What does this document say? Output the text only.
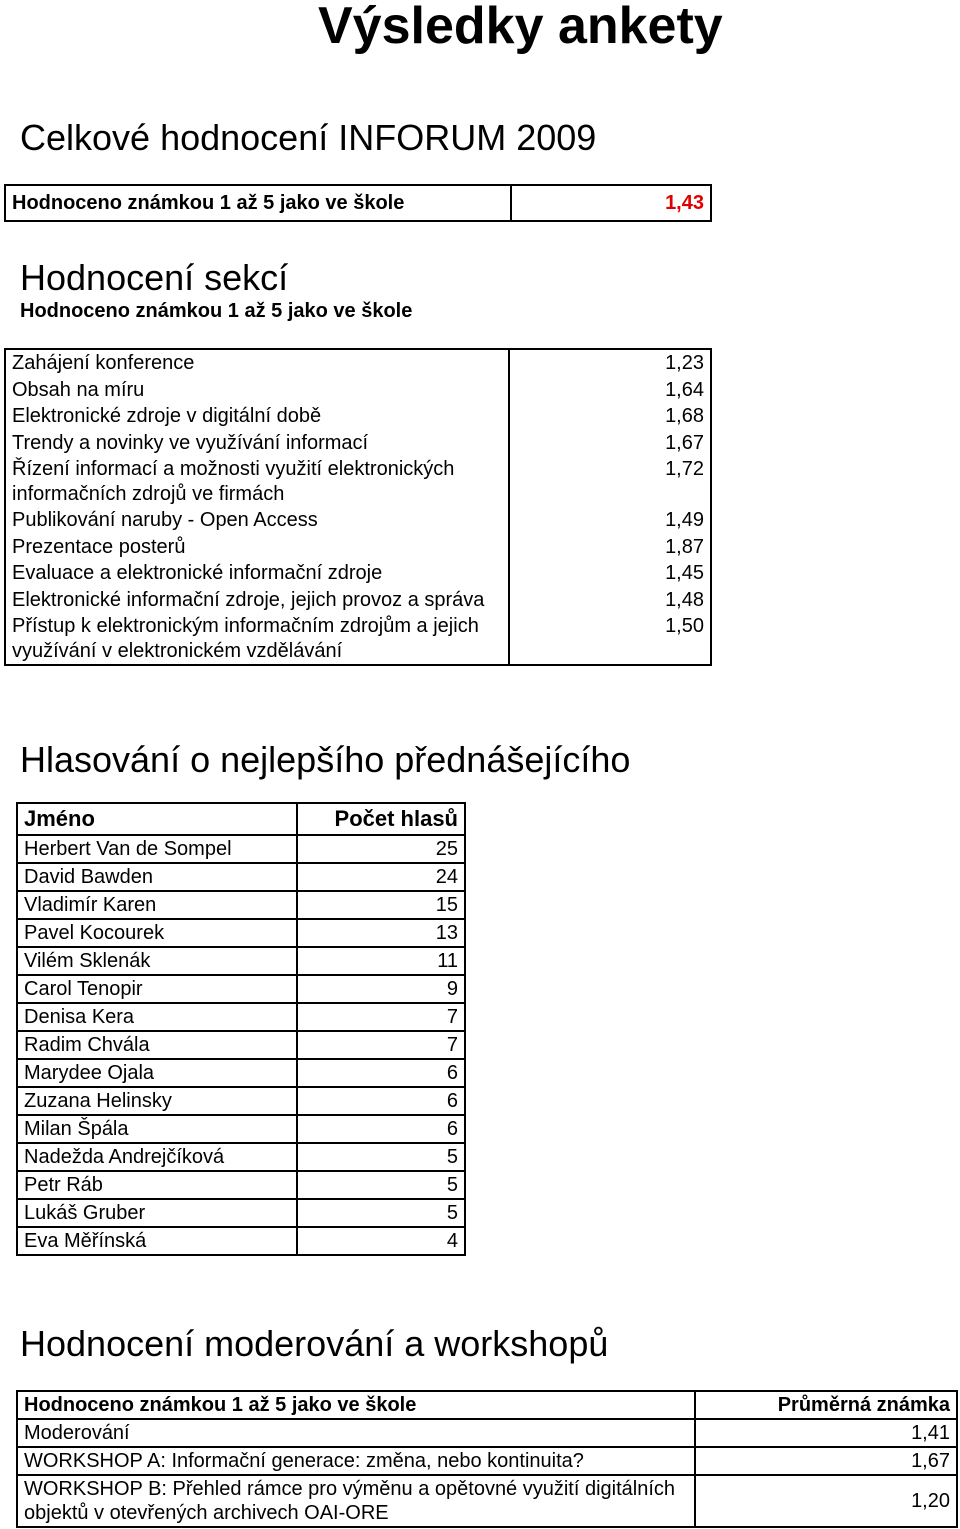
Výsledky ankety
Celkové hodnocení INFORUM 2009
Hodnoceno známkou 1 až 5 jako ve škole	1,43
Hodnocení sekcí
Hodnoceno známkou 1 až 5 jako ve škole
Zahájení konference	1,23
Obsah na míru	1,64
Elektronické zdroje v digitální době	1,68
Trendy a novinky ve využívání informací	1,67
Řízení informací a možnosti využití elektronických informačních zdrojů ve firmách	1,72
Publikování naruby - Open Access	1,49
Prezentace posterů	1,87
Evaluace a elektronické informační zdroje	1,45
Elektronické informační zdroje, jejich provoz a správa	1,48
Přístup k elektronickým informačním zdrojům a jejich využívání v elektronickém vzdělávání	1,50
Hlasování o nejlepšího přednášejícího
Jméno	Počet hlasů
Herbert Van de Sompel	25
David Bawden	24
Vladimír Karen	15
Pavel Kocourek	13
Vilém Sklenák	11
Carol Tenopir	9
Denisa Kera	7
Radim Chvála	7
Marydee Ojala	6
Zuzana Helinsky	6
Milan Špála	6
Nadežda Andrejčíková	5
Petr Ráb	5
Lukáš Gruber	5
Eva Měřínská	4
Hodnocení moderování a workshopů
Hodnoceno známkou 1 až 5 jako ve škole	Průměrná známka
Moderování	1,41
WORKSHOP A: Informační generace: změna, nebo kontinuita?	1,67
WORKSHOP B: Přehled rámce pro výměnu a opětovné využití digitálních objektů v otevřených archivech OAI-ORE	1,20
